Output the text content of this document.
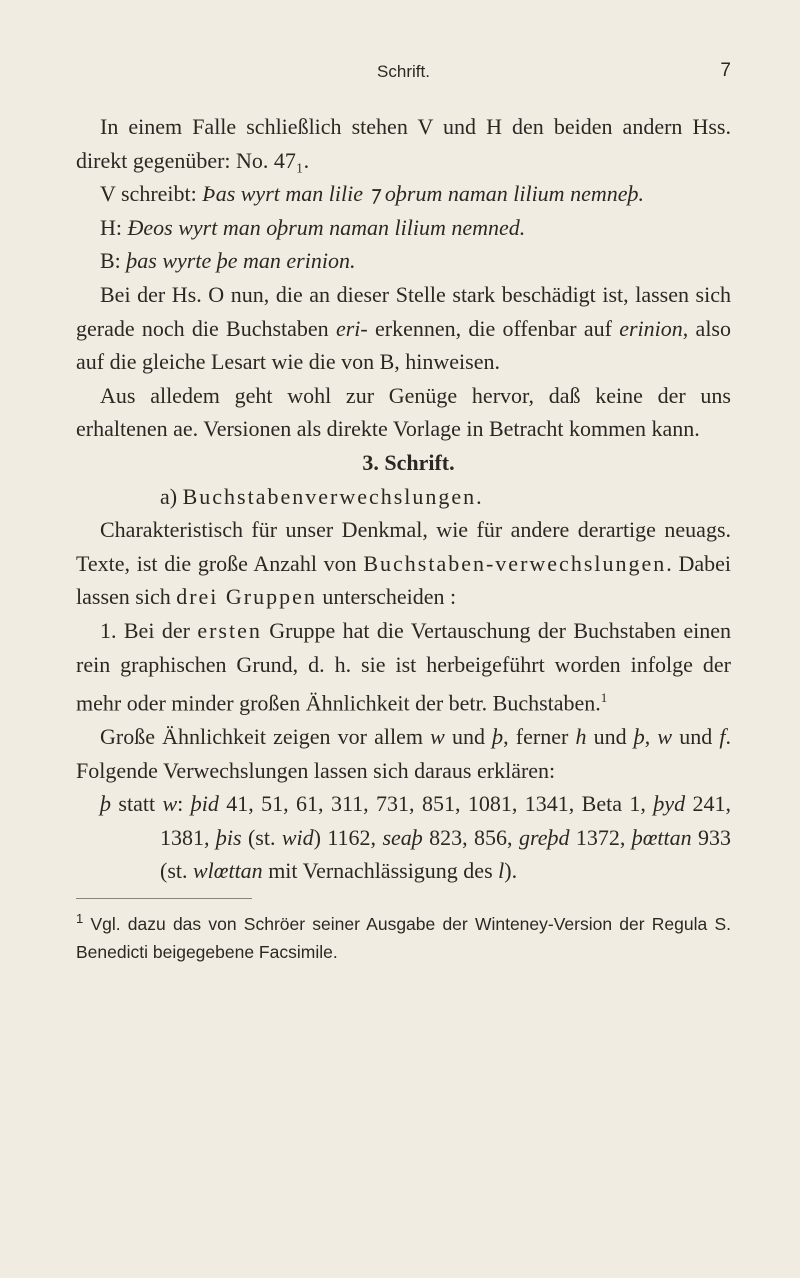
Schrift.	7

In einem Falle schließlich stehen V und H den beiden andern Hss. direkt gegenüber: No. 47₁.

V schreibt: Þas wyrt man lilie ⁊ oþrum naman lilium nemneþ.

H: Ðeos wyrt man oþrum naman lilium nemned.

B: þas wyrte þe man erinion.

Bei der Hs. O nun, die an dieser Stelle stark beschädigt ist, lassen sich gerade noch die Buchstaben eri- erkennen, die offenbar auf erinion, also auf die gleiche Lesart wie die von B, hinweisen.

Aus alledem geht wohl zur Genüge hervor, daß keine der uns erhaltenen ae. Versionen als direkte Vorlage in Betracht kommen kann.

3. Schrift.

a) Buchstabenverwechslungen.

Charakteristisch für unser Denkmal, wie für andere derartige neuags. Texte, ist die große Anzahl von Buchstaben-verwechslungen. Dabei lassen sich drei Gruppen unterscheiden :

1. Bei der ersten Gruppe hat die Vertauschung der Buchstaben einen rein graphischen Grund, d. h. sie ist herbeigeführt worden infolge der mehr oder minder großen Ähnlichkeit der betr. Buchstaben.$^1$

Große Ähnlichkeit zeigen vor allem w und þ, ferner h und þ, w und f. Folgende Verwechslungen lassen sich daraus erklären:

þ statt w: þid 41, 51, 61, 311, 731, 851, 1081, 1341, Beta 1, þyd 241, 1381, þis (st. wid) 1162, seaþ 823, 856, greþd 1372, þœttan 933 (st. wlœttan mit Vernachlässigung des l).

$^1$ Vgl. dazu das von Schröer seiner Ausgabe der Winteney-Version der Regula S. Benedicti beigegebene Facsimile.
